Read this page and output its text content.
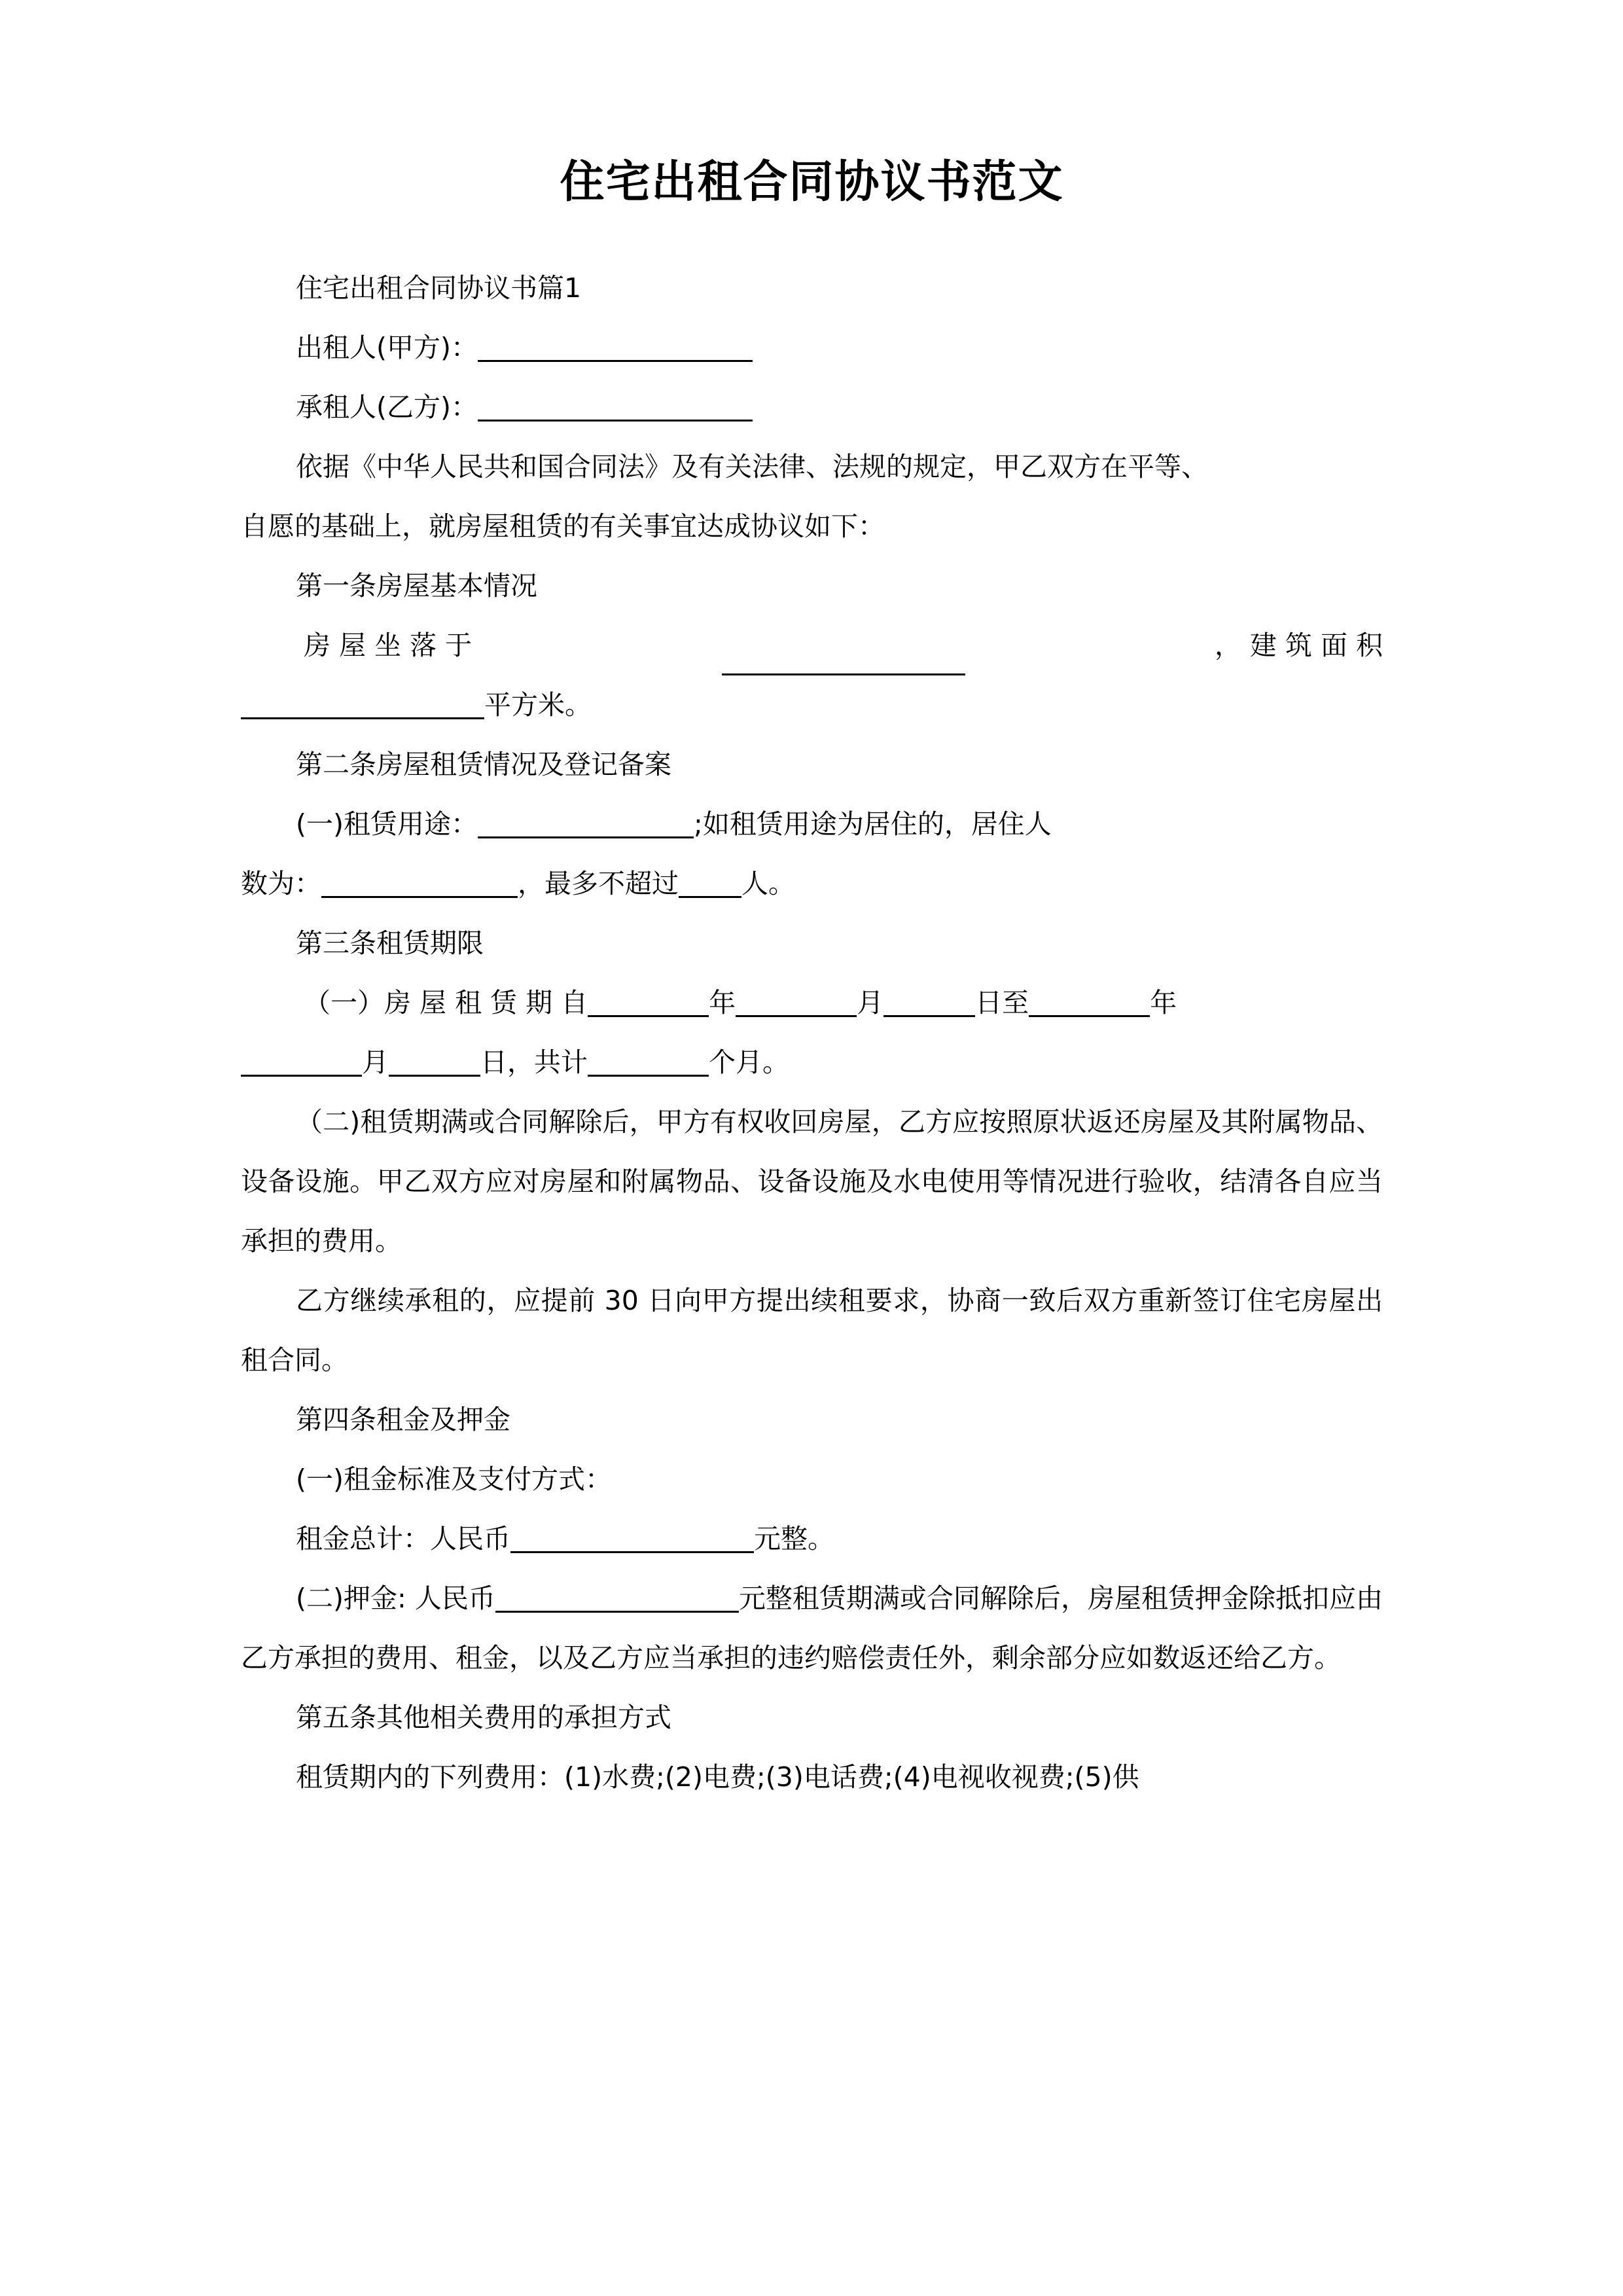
住宅出租合同协议书范文

住宅出租合同协议书篇1

出租人(甲方)：

承租人(乙方)：

依据《中华人民共和国合同法》及有关法律、法规的规定，甲乙双方在平等、

自愿的基础上，就房屋租赁的有关事宜达成协议如下：

第一条房屋基本情况

房 屋 坐 落 于	， 建 筑 面 积

平方米。

第二条房屋租赁情况及登记备案

(一)租赁用途：	;如租赁用途为居住的，居住人

数为：	，最多不超过 人。

第三条租赁期限

（一）房 屋 租 赁 期 自	年	月	日至	年

月	日，共计	个月。

（二)租赁期满或合同解除后，甲方有权收回房屋，乙方应按照原状返还房屋及其附属物品、设备设施。甲乙双方应对房屋和附属物品、设备设施及水电使用等情况进行验收，结清各自应当承担的费用。

乙方继续承租的，应提前 30 日向甲方提出续租要求，协商一致后双方重新签订住宅房屋出租合同。

第四条租金及押金

(一)租金标准及支付方式：

租金总计：人民币	元整。

(二)押金: 人民币	元整租赁期满或合同解除后，房屋租赁押金除抵扣应由乙方承担的费用、租金，以及乙方应当承担的违约赔偿责任外，剩余部分应如数返还给乙方。

第五条其他相关费用的承担方式

租赁期内的下列费用：(1)水费;(2)电费;(3)电话费;(4)电视收视费;(5)供
